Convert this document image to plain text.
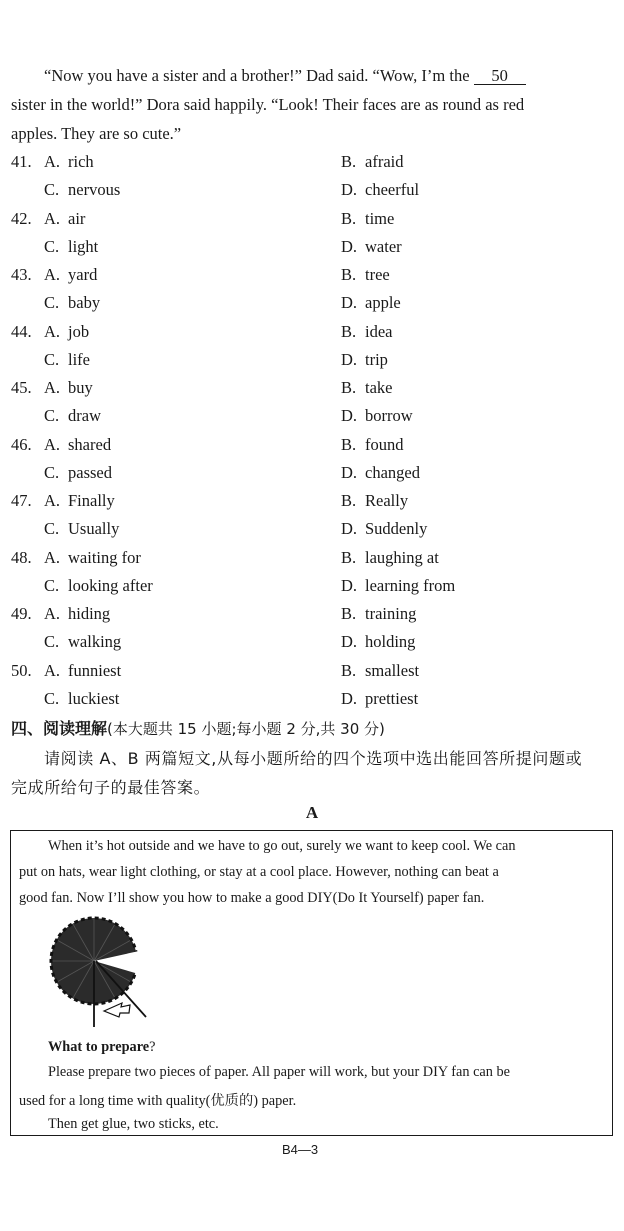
“Now you have a sister and a brother!” Dad said. “Wow, I’m the 50
sister in the world!” Dora said happily. “Look! Their faces are as round as red
apples. They are so cute.”
41. A. rich	B. afraid
C. nervous	D. cheerful
42. A. air	B. time
C. light	D. water
43. A. yard	B. tree
C. baby	D. apple
44. A. job	B. idea
C. life	D. trip
45. A. buy	B. take
C. draw	D. borrow
46. A. shared	B. found
C. passed	D. changed
47. A. Finally	B. Really
C. Usually	D. Suddenly
48. A. waiting for	B. laughing at
C. looking after	D. learning from
49. A. hiding	B. training
C. walking	D. holding
50. A. funniest	B. smallest
C. luckiest	D. prettiest
四、阅读理解(本大题共 15 小题;每小题 2 分,共 30 分)
请阅读 A、B 两篇短文,从每小题所给的四个选项中选出能回答所提问题或
完成所给句子的最佳答案。
A
When it’s hot outside and we have to go out, surely we want to keep cool. We can
put on hats, wear light clothing, or stay at a cool place. However, nothing can beat a
good fan. Now I’ll show you how to make a good DIY(Do It Yourself) paper fan.
What to prepare?
Please prepare two pieces of paper. All paper will work, but your DIY fan can be
used for a long time with quality(优质的) paper.
Then get glue, two sticks, etc.
B4—3
